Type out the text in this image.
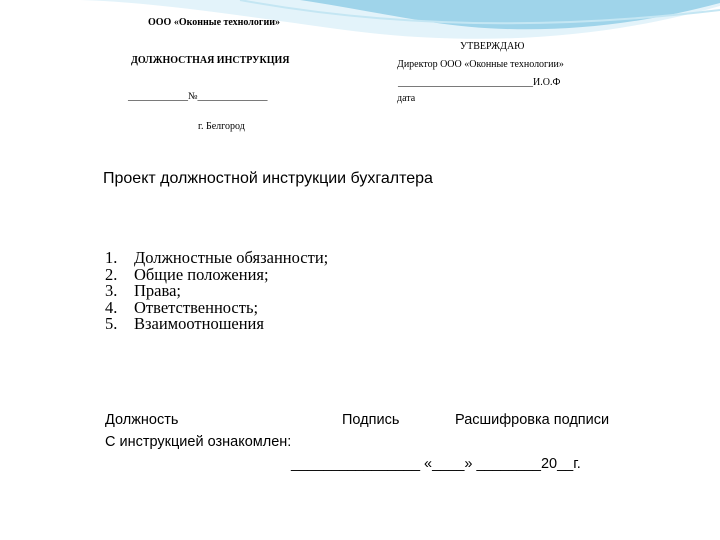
ООО «Оконные технологии»
ДОЛЖНОСТНАЯ ИНСТРУКЦИЯ
____________№______________
УТВЕРЖДАЮ
Директор ООО «Оконные технологии»
___________________________И.О.Ф
дата
г. Белгород
Проект должностной инструкции бухгалтера
1.	Должностные обязанности;
2.	Общие положения;
3.	Права;
4.	Ответственность;
5.	Взаимоотношения
Должность	Подпись	Расшифровка подписи
С инструкцией ознакомлен:
________________ «____» ________20__г.
